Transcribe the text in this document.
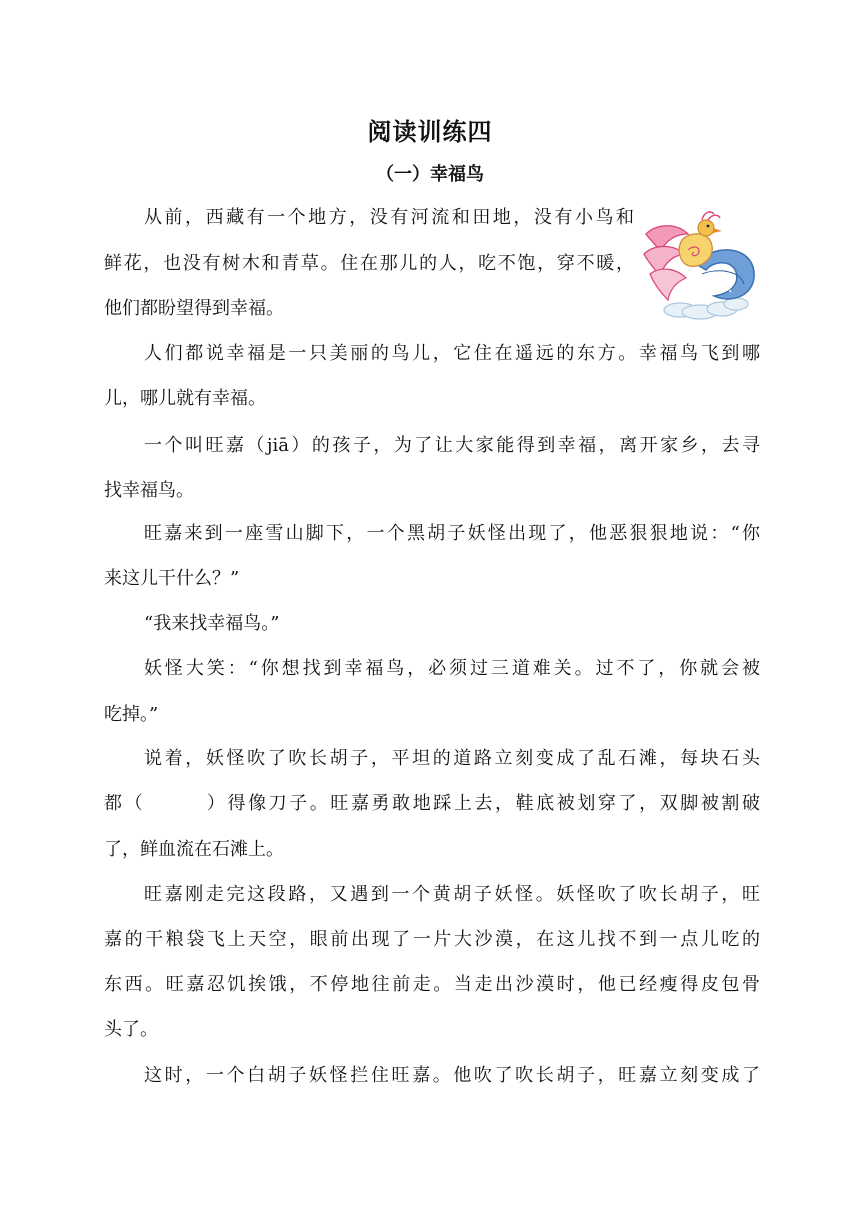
阅读训练四
（一）幸福鸟
从前，西藏有一个地方，没有河流和田地，没有小鸟和
鲜花，也没有树木和青草。住在那儿的人，吃不饱，穿不暖，
他们都盼望得到幸福。
人们都说幸福是一只美丽的鸟儿，它住在遥远的东方。幸福鸟飞到哪
儿，哪儿就有幸福。
一个叫旺嘉（jiā）的孩子，为了让大家能得到幸福，离开家乡，去寻
找幸福鸟。
旺嘉来到一座雪山脚下，一个黑胡子妖怪出现了，他恶狠狠地说：“你
来这儿干什么？”
“我来找幸福鸟。”
妖怪大笑：“你想找到幸福鸟，必须过三道难关。过不了，你就会被
吃掉。”
说着，妖怪吹了吹长胡子，平坦的道路立刻变成了乱石滩，每块石头
都（　　　）得像刀子。旺嘉勇敢地踩上去，鞋底被划穿了，双脚被割破
了，鲜血流在石滩上。
旺嘉刚走完这段路，又遇到一个黄胡子妖怪。妖怪吹了吹长胡子，旺
嘉的干粮袋飞上天空，眼前出现了一片大沙漠，在这儿找不到一点儿吃的
东西。旺嘉忍饥挨饿，不停地往前走。当走出沙漠时，他已经瘦得皮包骨
头了。
这时，一个白胡子妖怪拦住旺嘉。他吹了吹长胡子，旺嘉立刻变成了
